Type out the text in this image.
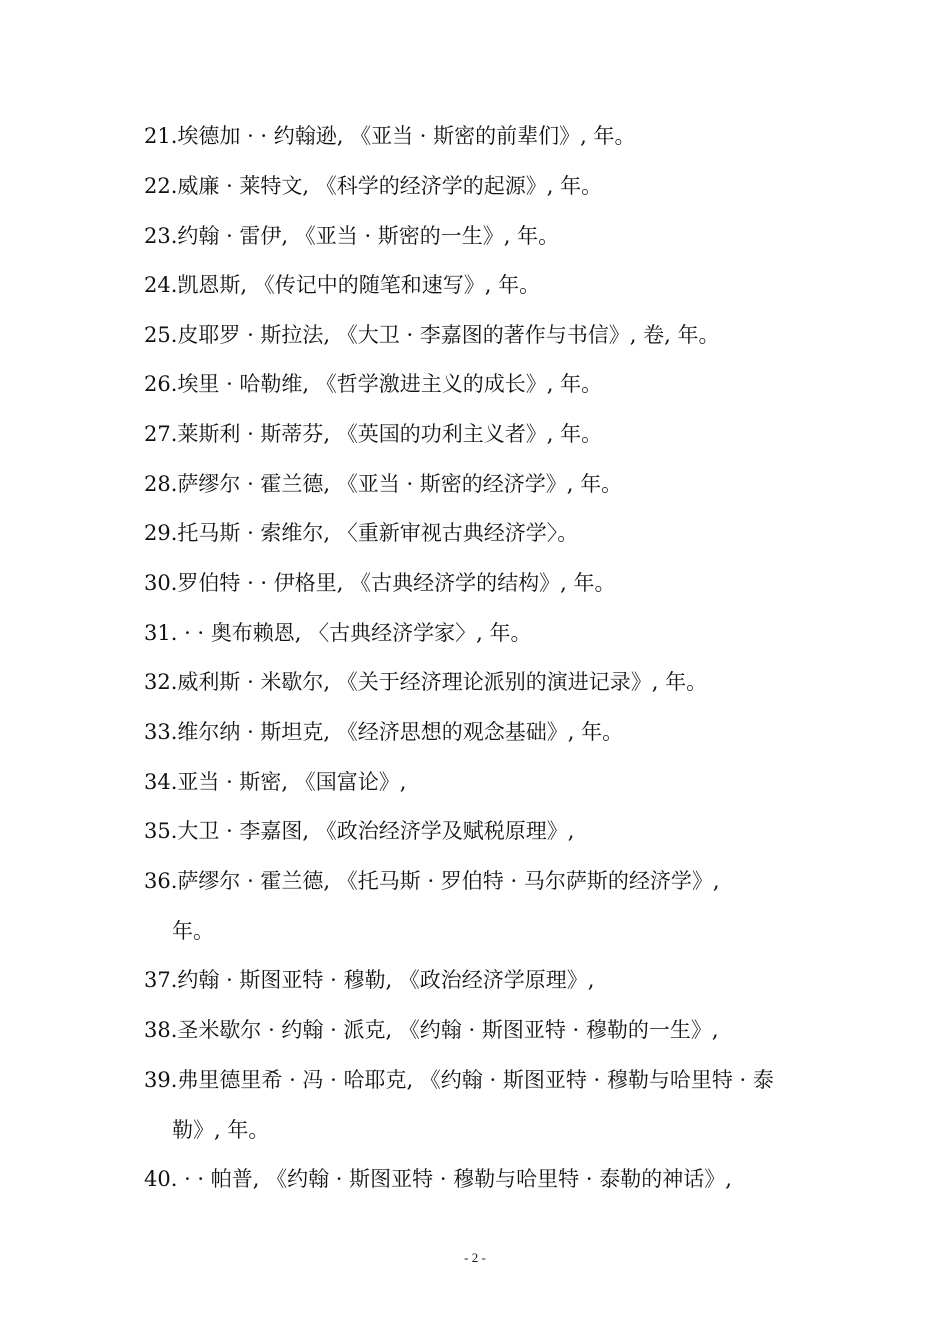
21.埃德加 · · 约翰逊, 《亚当 · 斯密的前辈们》, 年。
22.威廉 · 莱特文, 《科学的经济学的起源》, 年。
23.约翰 · 雷伊, 《亚当 · 斯密的一生》, 年。
24.凯恩斯, 《传记中的随笔和速写》, 年。
25.皮耶罗 · 斯拉法, 《大卫 · 李嘉图的著作与书信》, 卷, 年。
26.埃里 · 哈勒维, 《哲学激进主义的成长》, 年。
27.莱斯利 · 斯蒂芬, 《英国的功利主义者》, 年。
28.萨缪尔 · 霍兰德, 《亚当 · 斯密的经济学》, 年。
29.托马斯 · 索维尔, 〈重新审视古典经济学〉。
30.罗伯特 · · 伊格里, 《古典经济学的结构》, 年。
31. · · 奥布赖恩, 〈古典经济学家〉, 年。
32.威利斯 · 米歇尔, 《关于经济理论派别的演进记录》, 年。
33.维尔纳 · 斯坦克, 《经济思想的观念基础》, 年。
34.亚当 · 斯密, 《国富论》,
35.大卫 · 李嘉图, 《政治经济学及赋税原理》,
36.萨缪尔 · 霍兰德, 《托马斯 · 罗伯特 · 马尔萨斯的经济学》,
年。
37.约翰 · 斯图亚特 · 穆勒, 《政治经济学原理》,
38.圣米歇尔 · 约翰 · 派克, 《约翰 · 斯图亚特 · 穆勒的一生》,
39.弗里德里希 · 冯 · 哈耶克, 《约翰 · 斯图亚特 · 穆勒与哈里特 · 泰
勒》, 年。
40. · · 帕普, 《约翰 · 斯图亚特 · 穆勒与哈里特 · 泰勒的神话》,
- 2 -
